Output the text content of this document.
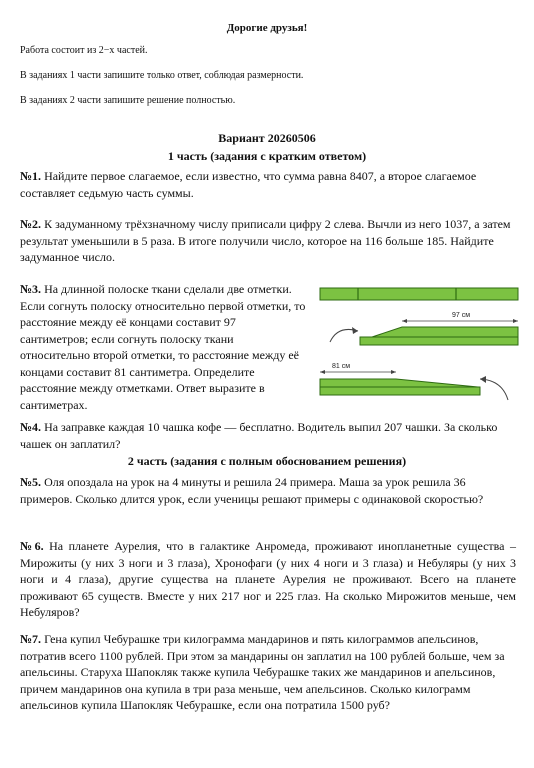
Дорогие друзья!
Работа состоит из 2−х частей.
В заданиях 1 части запишите только ответ, соблюдая размерности.
В заданиях 2 части запишите решение полностью.
Вариант 20260506
1 часть (задания с кратким ответом)
№1. Найдите первое слагаемое, если известно, что сумма равна 8407, а второе слагаемое составляет седьмую часть суммы.
№2. К задуманному трёхзначному числу приписали цифру 2 слева. Вычли из него 1037, а затем результат уменьшили в 5 раза. В итоге получили число, которое на 116 больше 185. Найдите задуманное число.
№3. На длинной полоске ткани сделали две отметки. Если согнуть полоску относительно первой отметки, то расстояние между её концами составит 97 сантиметров; если согнуть полоску ткани относительно второй отметки, то расстояние между её концами составит 81 сантиметра. Определите расстояние между отметками. Ответ выразите в сантиметрах.
97 см
81 см
№4. На заправке каждая 10 чашка кофе — бесплатно. Водитель выпил 207 чашки. За сколько чашек он заплатил?
2 часть (задания с полным обоснованием решения)
№5. Оля опоздала на урок на 4 минуты и решила 24 примера. Маша за урок решила 36 примеров. Сколько длится урок, если ученицы решают примеры с одинаковой скоростью?
№6. На планете Аурелия, что в галактике Анромеда, проживают инопланетные существа – Мирожиты (у них 3 ноги и 3 глаза), Хронофаги (у них 4 ноги и 3 глаза) и Небуляры (у них 3 ноги и 4 глаза), другие существа на планете Аурелия не проживают. Всего на планете проживают 65 существ. Вместе у них 217 ног и 225 глаз. На сколько Мирожитов меньше, чем Небуляров?
№7. Гена купил Чебурашке три килограмма мандаринов и пять килограммов апельсинов, потратив всего 1100 рублей. При этом за мандарины он заплатил на 100 рублей больше, чем за апельсины. Старуха Шапокляк также купила Чебурашке таких же мандаринов и апельсинов, причем мандаринов она купила в три раза меньше, чем апельсинов. Сколько килограмм апельсинов купила Шапокляк Чебурашке, если она потратила 1500 руб?
